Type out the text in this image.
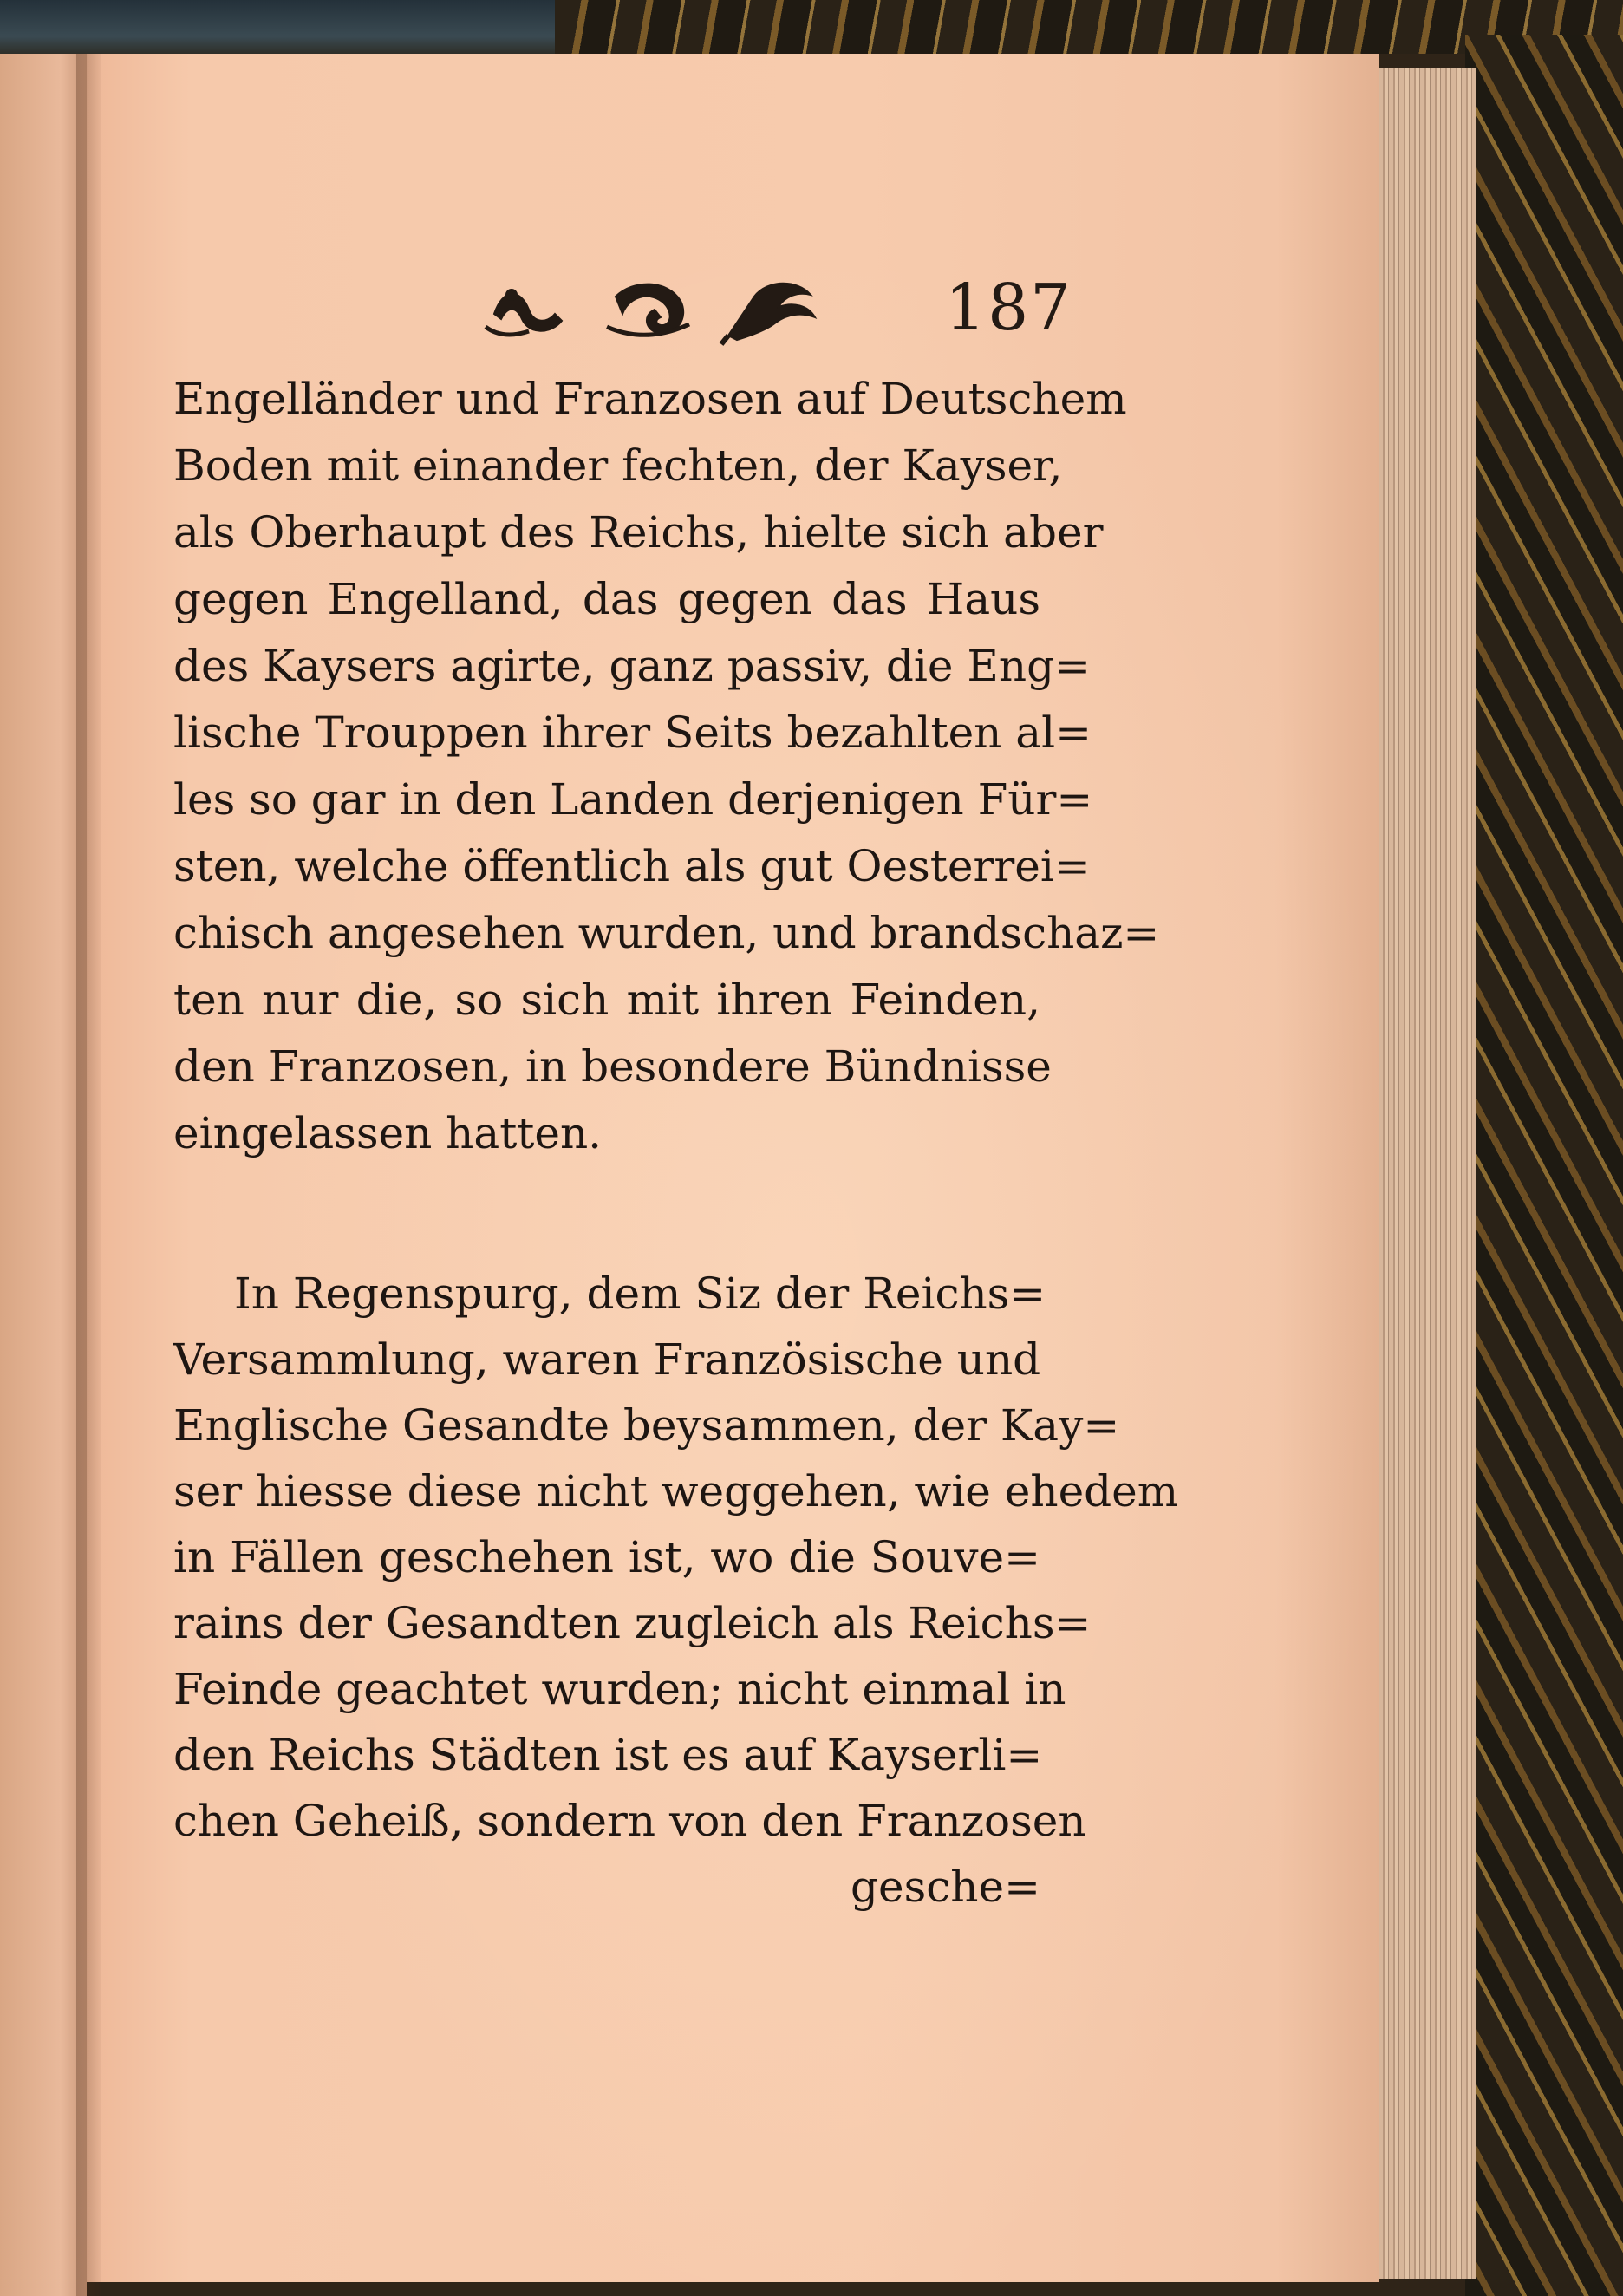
187
Engelländer und Franzosen auf Deutschem
Boden mit einander fechten, der Kayser,
als Oberhaupt des Reichs, hielte sich aber
gegen Engelland, das gegen das Haus
des Kaysers agirte, ganz passiv, die Eng=
lische Trouppen ihrer Seits bezahlten al=
les so gar in den Landen derjenigen Für=
sten, welche öffentlich als gut Oesterrei=
chisch angesehen wurden, und brandschaz=
ten nur die, so sich mit ihren Feinden,
den Franzosen, in besondere Bündnisse
eingelassen hatten.
In Regenspurg, dem Siz der Reichs=
Versammlung, waren Französische und
Englische Gesandte beysammen, der Kay=
ser hiesse diese nicht weggehen, wie ehedem
in Fällen geschehen ist, wo die Souve=
rains der Gesandten zugleich als Reichs=
Feinde geachtet wurden; nicht einmal in
den Reichs Städten ist es auf Kayserli=
chen Geheiß, sondern von den Franzosen
gesche=
